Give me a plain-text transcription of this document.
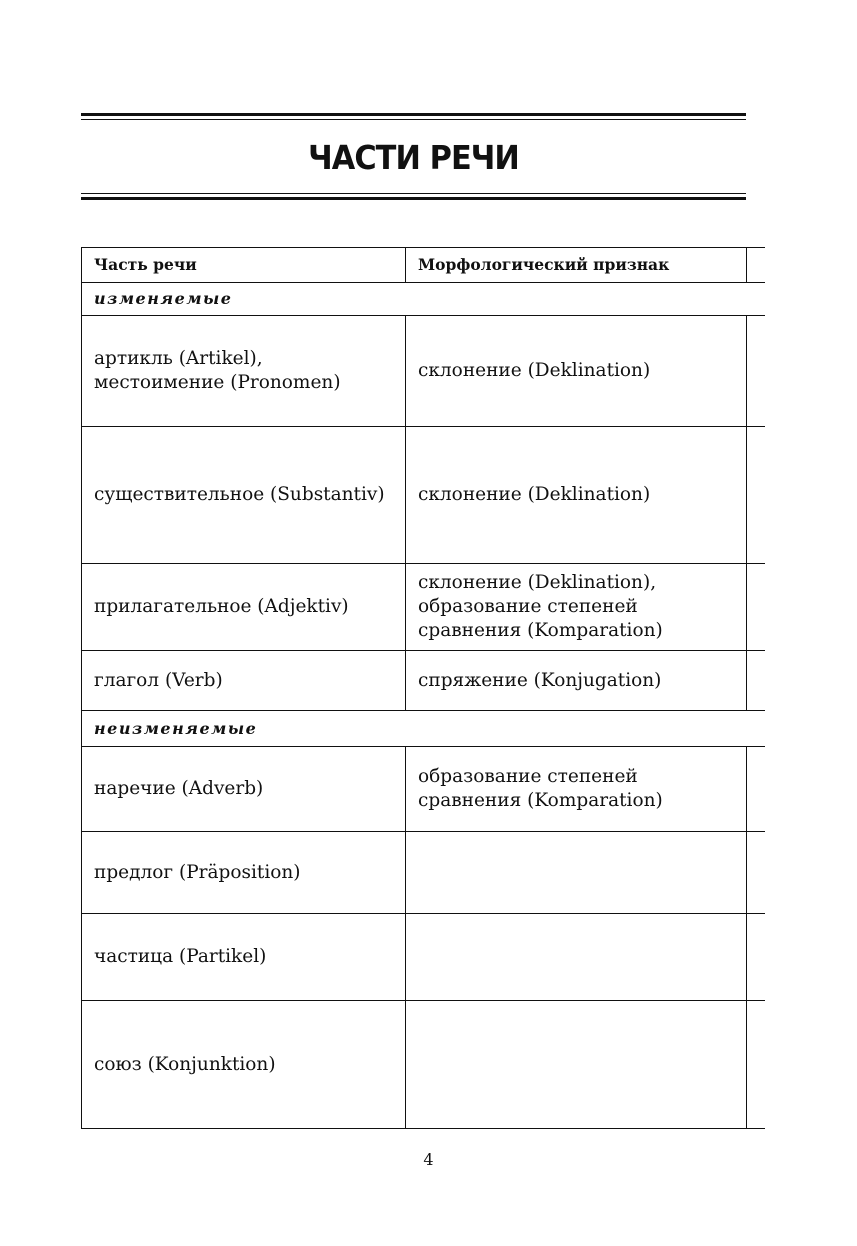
ЧАСТИ РЕЧИ
Часть речи	Морфологический признак	
изменяемые		

артикль (Artikel),
местоимение (Pronomen)	склонение (Deklination)	

существительное (Substantiv)	склонение (Deklination)	

прилагательное (Adjektiv)	склонение (Deklination),
образование степеней
сравнения (Komparation)	

глагол (Verb)	спряжение (Konjugation)	

неизменяемые		

наречие (Adverb)	образование степеней
сравнения (Komparation)	

предлог (Präposition)		

частица (Partikel)		

союз (Konjunktion)		

4
